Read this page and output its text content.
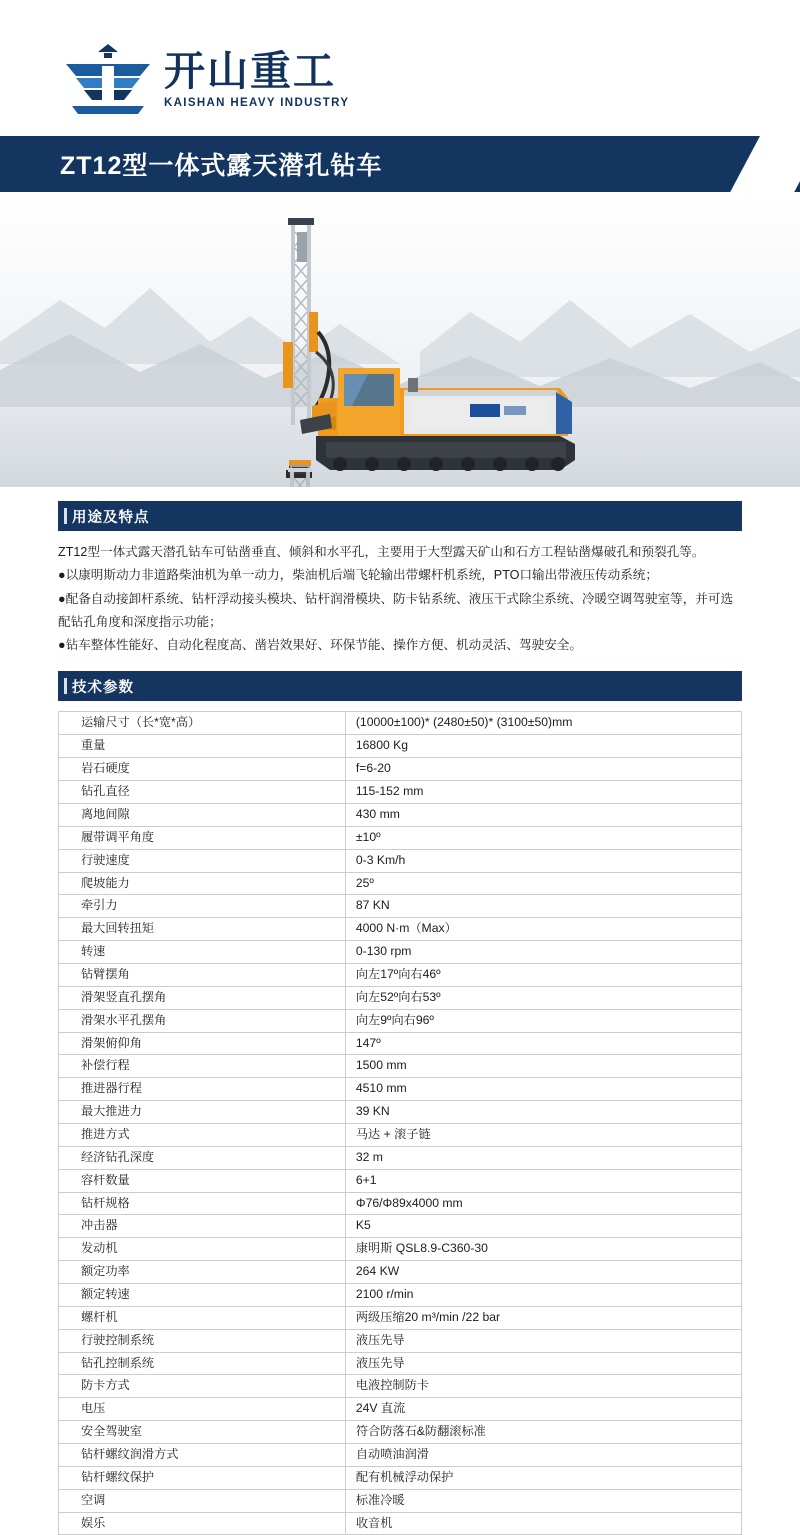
开山重工
KAISHAN HEAVY INDUSTRY
ZT12型一体式露天潜孔钻车
用途及特点

ZT12型一体式露天潜孔钻车可钻凿垂直、倾斜和水平孔，主要用于大型露天矿山和石方工程钻凿爆破孔和预裂孔等。

●以康明斯动力非道路柴油机为单一动力，柴油机后端飞轮输出带螺杆机系统，PTO口输出带液压传动系统；

●配备自动接卸杆系统、钻杆浮动接头模块、钻杆润滑模块、防卡钻系统、液压干式除尘系统、冷暖空调驾驶室等，并可选配钻孔角度和深度指示功能；

●钻车整体性能好、自动化程度高、凿岩效果好、环保节能、操作方便、机动灵活、驾驶安全。

技术参数
运输尺寸（长*宽*高）	(10000±100)* (2480±50)* (3100±50)mm
重量	16800 Kg
岩石硬度	f=6-20
钻孔直径	115-152 mm
离地间隙	430 mm
履带调平角度	±10º
行驶速度	0-3 Km/h
爬坡能力	25º
牵引力	87 KN
最大回转扭矩	4000 N·m（Max）
转速	0-130 rpm
钻臂摆角	向左17º向右46º
滑架竖直孔摆角	向左52º向右53º
滑架水平孔摆角	向左9º向右96º
滑架俯仰角	147º
补偿行程	1500 mm
推进器行程	4510 mm
最大推进力	39 KN
推进方式	马达 + 滚子链
经济钻孔深度	32 m
容杆数量	6+1
钻杆规格	Φ76/Φ89x4000 mm
冲击器	K5
发动机	康明斯 QSL8.9-C360-30
额定功率	264 KW
额定转速	2100 r/min
螺杆机	两级压缩20 m³/min /22 bar
行驶控制系统	液压先导
钻孔控制系统	液压先导
防卡方式	电液控制防卡
电压	24V 直流
安全驾驶室	符合防落石&防翻滚标准
钻杆螺纹润滑方式	自动喷油润滑
钻杆螺纹保护	配有机械浮动保护
空调	标准冷暖
娱乐	收音机
